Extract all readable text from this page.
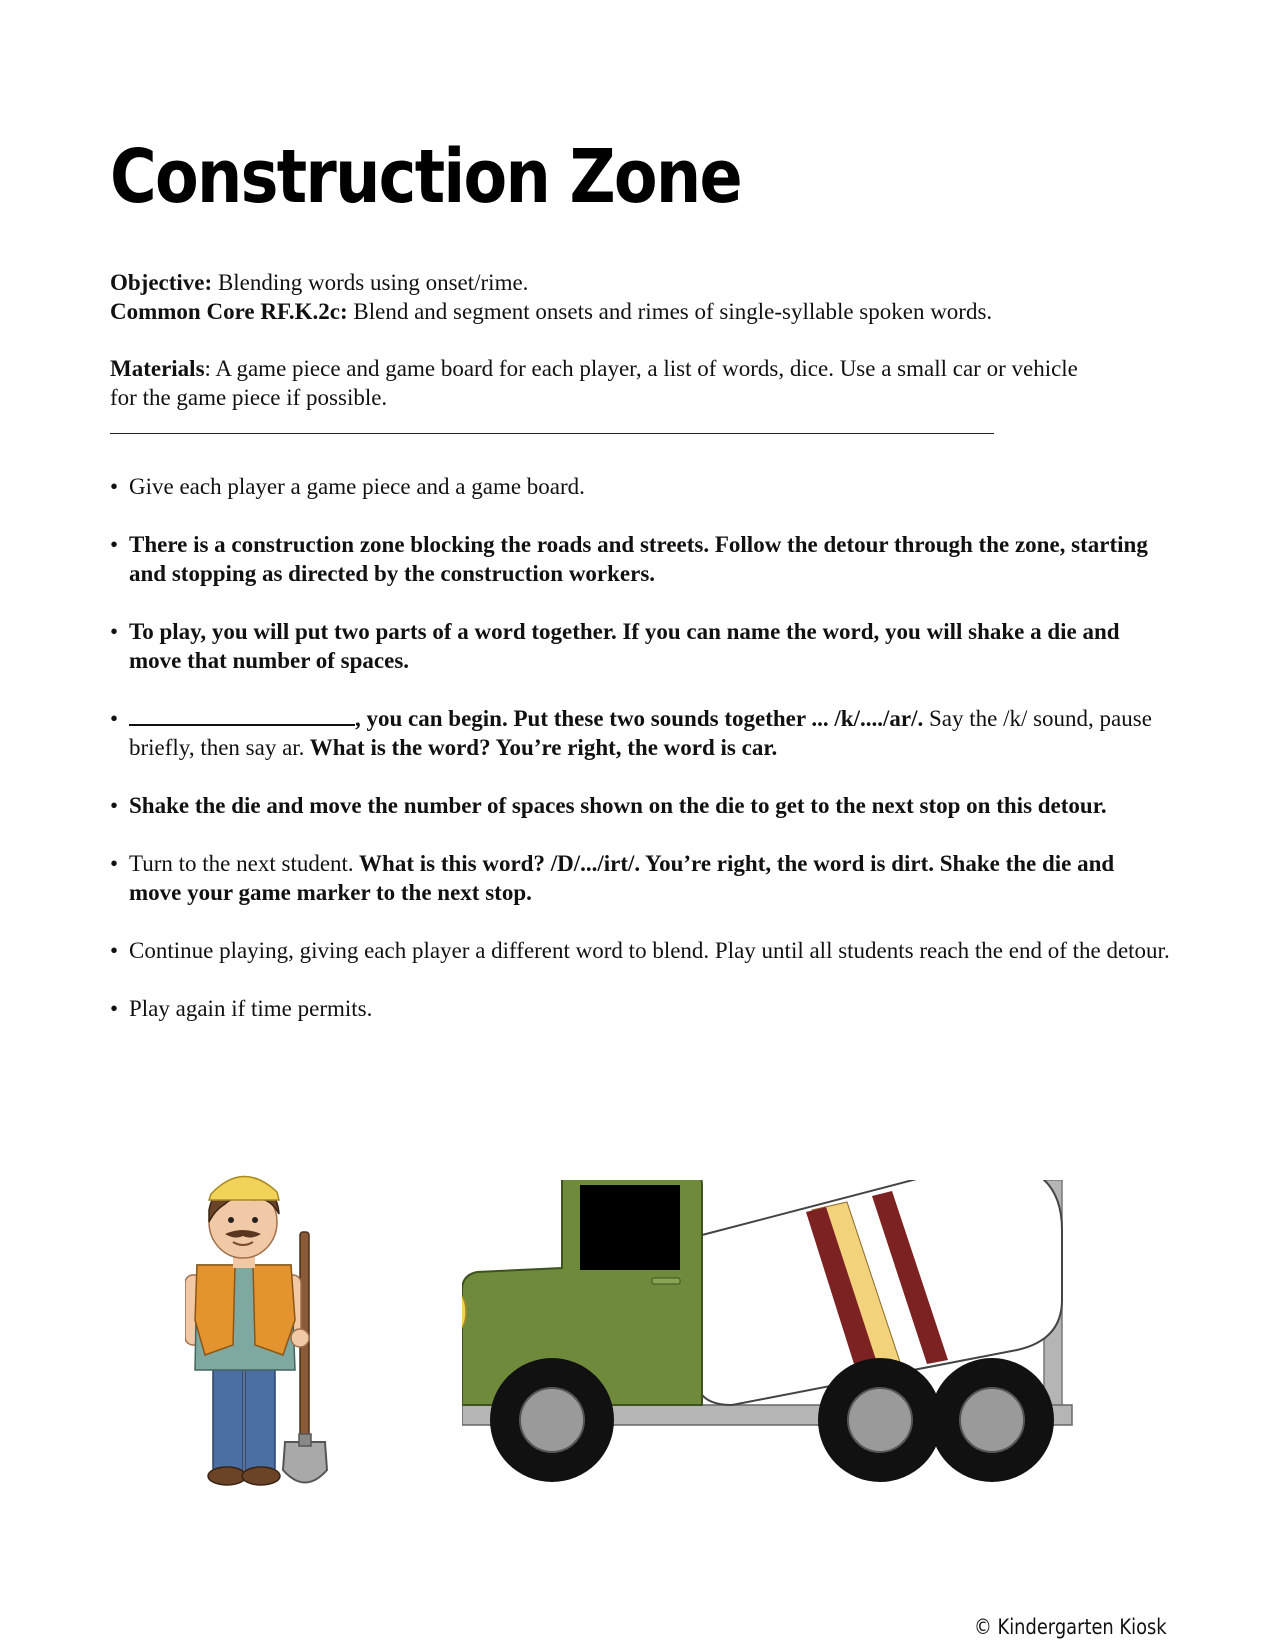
Construction Zone

Objective: Blending words using onset/rime.

Common Core RF.K.2c: Blend and segment onsets and rimes of single-syllable spoken words.

Materials: A game piece and game board for each player, a list of words, dice. Use a small car or vehicle for the game piece if possible.

• Give each player a game piece and a game board.
• There is a construction zone blocking the roads and streets. Follow the detour through the zone, starting and stopping as directed by the construction workers.
• To play, you will put two parts of a word together. If you can name the word, you will shake a die and move that number of spaces.
• , you can begin. Put these two sounds together ... /k/..../ar/. Say the /k/ sound, pause briefly, then say ar. What is the word? You’re right, the word is car.
• Shake the die and move the number of spaces shown on the die to get to the next stop on this detour.
• Turn to the next student. What is this word? /D/.../irt/. You’re right, the word is dirt. Shake the die and move your game marker to the next stop.
• Continue playing, giving each player a different word to blend. Play until all students reach the end of the detour.
• Play again if time permits.
© Kindergarten Kiosk
